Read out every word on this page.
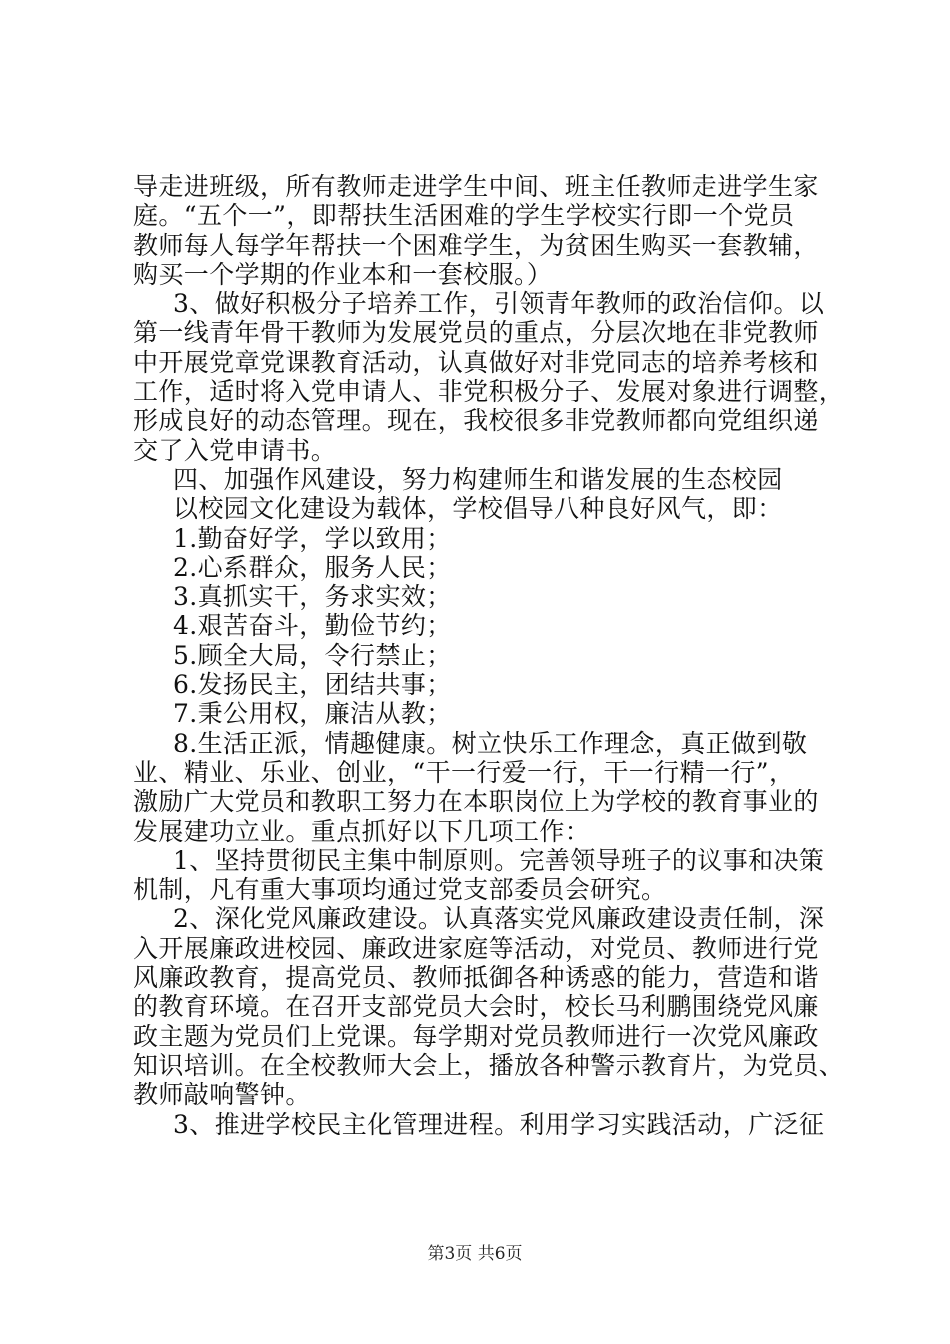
导走进班级，所有教师走进学生中间、班主任教师走进学生家
庭。“五个一”，即帮扶生活困难的学生学校实行即一个党员
教师每人每学年帮扶一个困难学生，为贫困生购买一套教辅，
购买一个学期的作业本和一套校服。）
3、做好积极分子培养工作，引领青年教师的政治信仰。以
第一线青年骨干教师为发展党员的重点，分层次地在非党教师
中开展党章党课教育活动，认真做好对非党同志的培养考核和
工作，适时将入党申请人、非党积极分子、发展对象进行调整，
形成良好的动态管理。现在，我校很多非党教师都向党组织递
交了入党申请书。
四、加强作风建设，努力构建师生和谐发展的生态校园
以校园文化建设为载体，学校倡导八种良好风气，即：
1.勤奋好学，学以致用；
2.心系群众，服务人民；
3.真抓实干，务求实效；
4.艰苦奋斗，勤俭节约；
5.顾全大局，令行禁止；
6.发扬民主，团结共事；
7.秉公用权，廉洁从教；
8.生活正派，情趣健康。树立快乐工作理念，真正做到敬
业、精业、乐业、创业，“干一行爱一行，干一行精一行”，
激励广大党员和教职工努力在本职岗位上为学校的教育事业的
发展建功立业。重点抓好以下几项工作：
1、坚持贯彻民主集中制原则。完善领导班子的议事和决策
机制，凡有重大事项均通过党支部委员会研究。
2、深化党风廉政建设。认真落实党风廉政建设责任制，深
入开展廉政进校园、廉政进家庭等活动，对党员、教师进行党
风廉政教育，提高党员、教师抵御各种诱惑的能力，营造和谐
的教育环境。在召开支部党员大会时，校长马利鹏围绕党风廉
政主题为党员们上党课。每学期对党员教师进行一次党风廉政
知识培训。在全校教师大会上，播放各种警示教育片，为党员、
教师敲响警钟。
3、推进学校民主化管理进程。利用学习实践活动，广泛征
第3页 共6页
